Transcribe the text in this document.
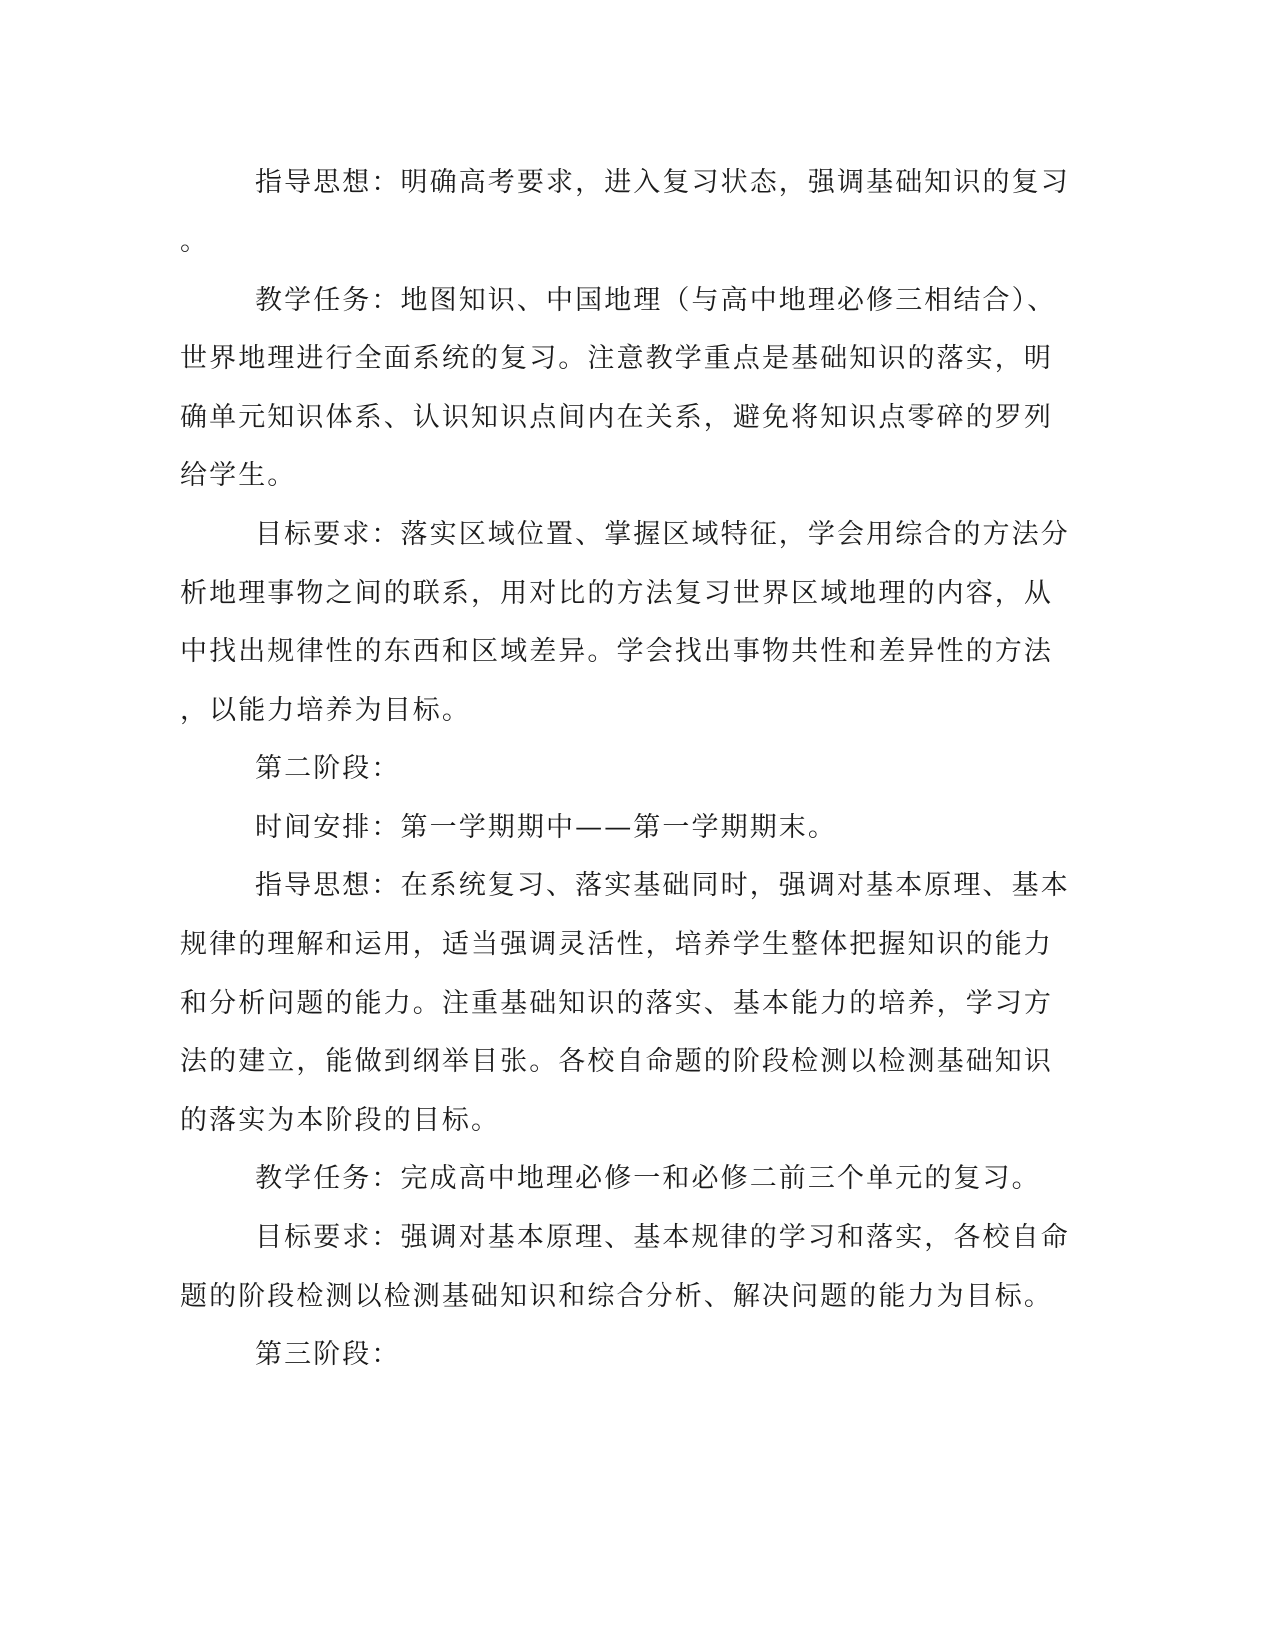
指导思想：明确高考要求，进入复习状态，强调基础知识的复习
。
教学任务：地图知识、中国地理（与高中地理必修三相结合）、
世界地理进行全面系统的复习。注意教学重点是基础知识的落实，明
确单元知识体系、认识知识点间内在关系，避免将知识点零碎的罗列
给学生。
目标要求：落实区域位置、掌握区域特征，学会用综合的方法分
析地理事物之间的联系，用对比的方法复习世界区域地理的内容，从
中找出规律性的东西和区域差异。学会找出事物共性和差异性的方法
，以能力培养为目标。
第二阶段：
时间安排：第一学期期中——第一学期期末。
指导思想：在系统复习、落实基础同时，强调对基本原理、基本
规律的理解和运用，适当强调灵活性，培养学生整体把握知识的能力
和分析问题的能力。注重基础知识的落实、基本能力的培养，学习方
法的建立，能做到纲举目张。各校自命题的阶段检测以检测基础知识
的落实为本阶段的目标。
教学任务：完成高中地理必修一和必修二前三个单元的复习。
目标要求：强调对基本原理、基本规律的学习和落实，各校自命
题的阶段检测以检测基础知识和综合分析、解决问题的能力为目标。
第三阶段：
